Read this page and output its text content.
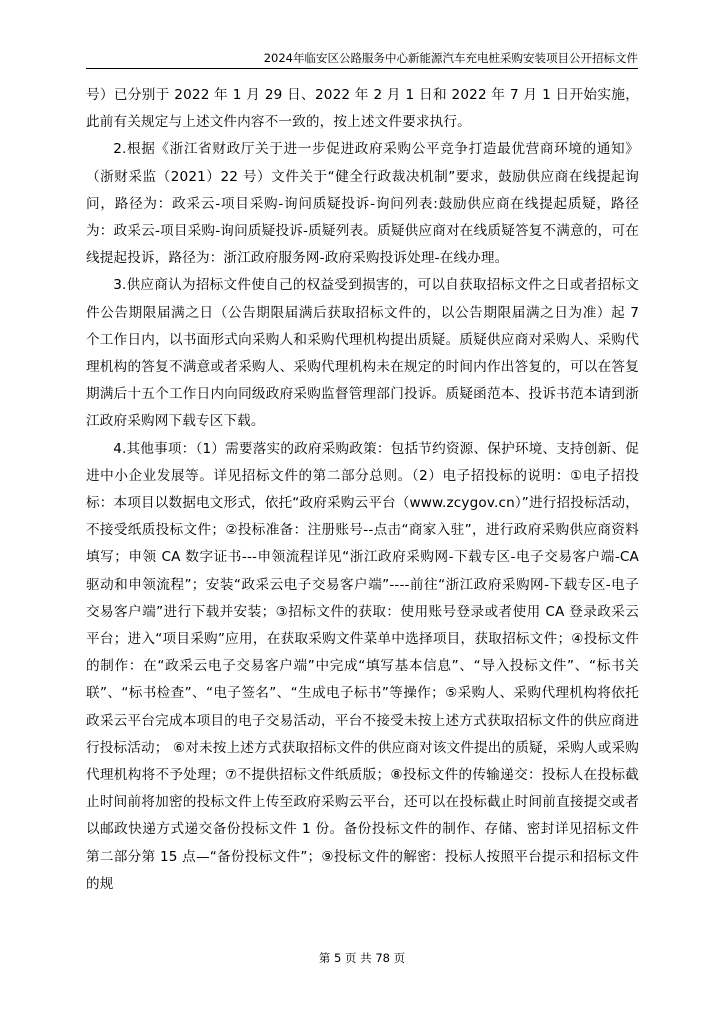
2024年临安区公路服务中心新能源汽车充电桩采购安装项目公开招标文件

号）已分别于 2022 年 1 月 29 日、2022 年 2 月 1 日和 2022 年 7 月 1 日开始实施，此前有关规定与上述文件内容不一致的，按上述文件要求执行。

2.根据《浙江省财政厅关于进一步促进政府采购公平竞争打造最优营商环境的通知》（浙财采监（2021）22 号）文件关于“健全行政裁决机制”要求，鼓励供应商在线提起询问，路径为：政采云-项目采购-询问质疑投诉-询问列表:鼓励供应商在线提起质疑，路径为：政采云-项目采购-询问质疑投诉-质疑列表。质疑供应商对在线质疑答复不满意的，可在线提起投诉，路径为：浙江政府服务网-政府采购投诉处理-在线办理。

3.供应商认为招标文件使自己的权益受到损害的，可以自获取招标文件之日或者招标文件公告期限届满之日（公告期限届满后获取招标文件的，以公告期限届满之日为准）起 7 个工作日内，以书面形式向采购人和采购代理机构提出质疑。质疑供应商对采购人、采购代理机构的答复不满意或者采购人、采购代理机构未在规定的时间内作出答复的，可以在答复期满后十五个工作日内向同级政府采购监督管理部门投诉。质疑函范本、投诉书范本请到浙江政府采购网下载专区下载。

4.其他事项：（1）需要落实的政府采购政策：包括节约资源、保护环境、支持创新、促进中小企业发展等。详见招标文件的第二部分总则。（2）电子招投标的说明：①电子招投标：本项目以数据电文形式，依托“政府采购云平台（www.zcygov.cn）”进行招投标活动，不接受纸质投标文件；②投标准备：注册账号--点击“商家入驻”，进行政府采购供应商资料填写；申领 CA 数字证书---申领流程详见“浙江政府采购网-下载专区-电子交易客户端-CA 驱动和申领流程”；安装“政采云电子交易客户端”----前往“浙江政府采购网-下载专区-电子交易客户端”进行下载并安装；③招标文件的获取：使用账号登录或者使用 CA 登录政采云平台；进入“项目采购”应用，在获取采购文件菜单中选择项目，获取招标文件；④投标文件的制作：在“政采云电子交易客户端”中完成“填写基本信息”、“导入投标文件”、“标书关联”、“标书检查”、“电子签名”、“生成电子标书”等操作；⑤采购人、采购代理机构将依托政采云平台完成本项目的电子交易活动，平台不接受未按上述方式获取招标文件的供应商进行投标活动； ⑥对未按上述方式获取招标文件的供应商对该文件提出的质疑，采购人或采购代理机构将不予处理；⑦不提供招标文件纸质版；⑧投标文件的传输递交：投标人在投标截止时间前将加密的投标文件上传至政府采购云平台，还可以在投标截止时间前直接提交或者以邮政快递方式递交备份投标文件 1 份。备份投标文件的制作、存储、密封详见招标文件第二部分第 15 点—“备份投标文件”；⑨投标文件的解密：投标人按照平台提示和招标文件的规

第 5 页 共 78 页
